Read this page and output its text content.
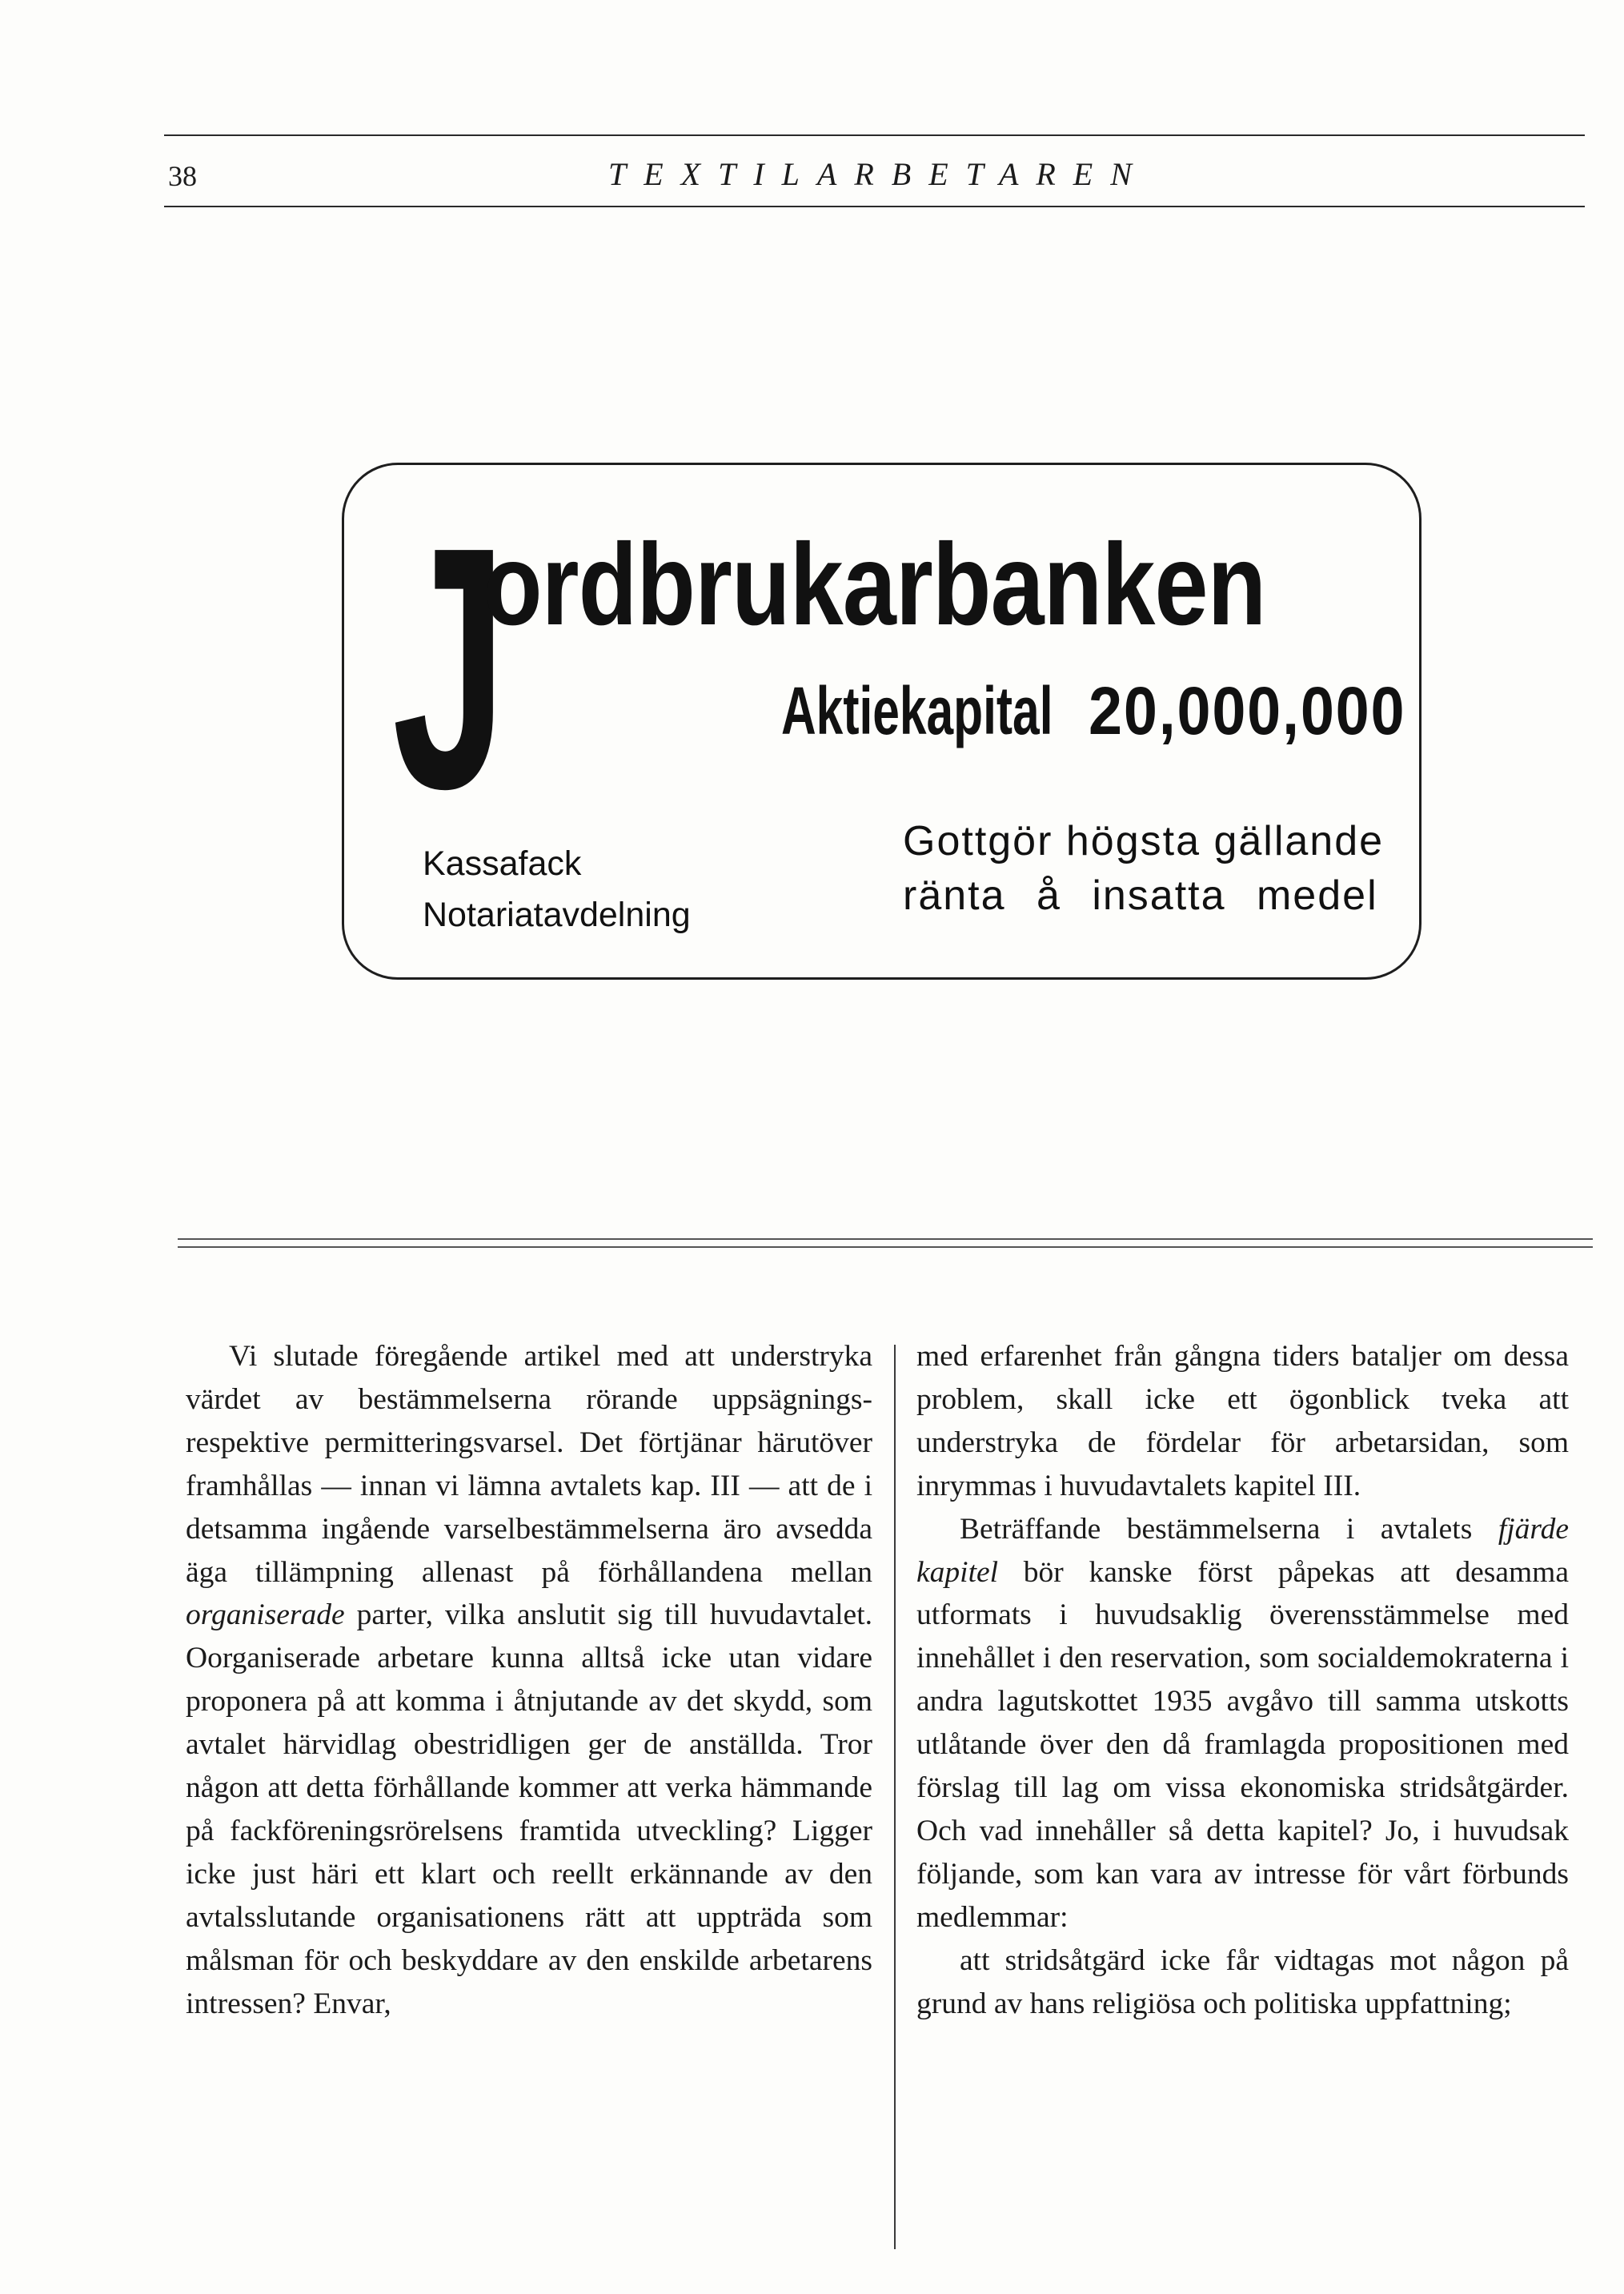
38	TEXTILARBETAREN
J
ordbrukarbanken
Aktiekapital 20,000,000
Kassafack
Notariatavdelning
Gottgör högsta gällande
ränta å insatta medel

Vi slutade föregående artikel med att understryka värdet av bestämmelserna rörande uppsägnings- respektive permitteringsvarsel. Det förtjänar härutöver framhållas — innan vi lämna avtalets kap. III — att de i detsamma ingående varselbestämmelserna äro avsedda äga tillämpning allenast på förhållandena mellan organiserade parter, vilka anslutit sig till huvudavtalet. Oorganiserade arbetare kunna alltså icke utan vidare proponera på att komma i åtnjutande av det skydd, som avtalet härvidlag obestridligen ger de anställda. Tror någon att detta förhållande kommer att verka hämmande på fackföreningsrörelsens framtida utveckling? Ligger icke just häri ett klart och reellt erkännande av den avtalsslutande organisationens rätt att uppträda som målsman för och beskyddare av den enskilde arbetarens intressen? Envar,

med erfarenhet från gångna tiders bataljer om dessa problem, skall icke ett ögonblick tveka att understryka de fördelar för arbetarsidan, som inrymmas i huvudavtalets kapitel III.

Beträffande bestämmelserna i avtalets fjärde kapitel bör kanske först påpekas att desamma utformats i huvudsaklig överensstämmelse med innehållet i den reservation, som socialdemokraterna i andra lagutskottet 1935 avgåvo till samma utskotts utlåtande över den då framlagda propositionen med förslag till lag om vissa ekonomiska stridsåtgärder. Och vad innehåller så detta kapitel? Jo, i huvudsak följande, som kan vara av intresse för vårt förbunds medlemmar:

att stridsåtgärd icke får vidtagas mot någon på grund av hans religiösa och politiska uppfattning;
